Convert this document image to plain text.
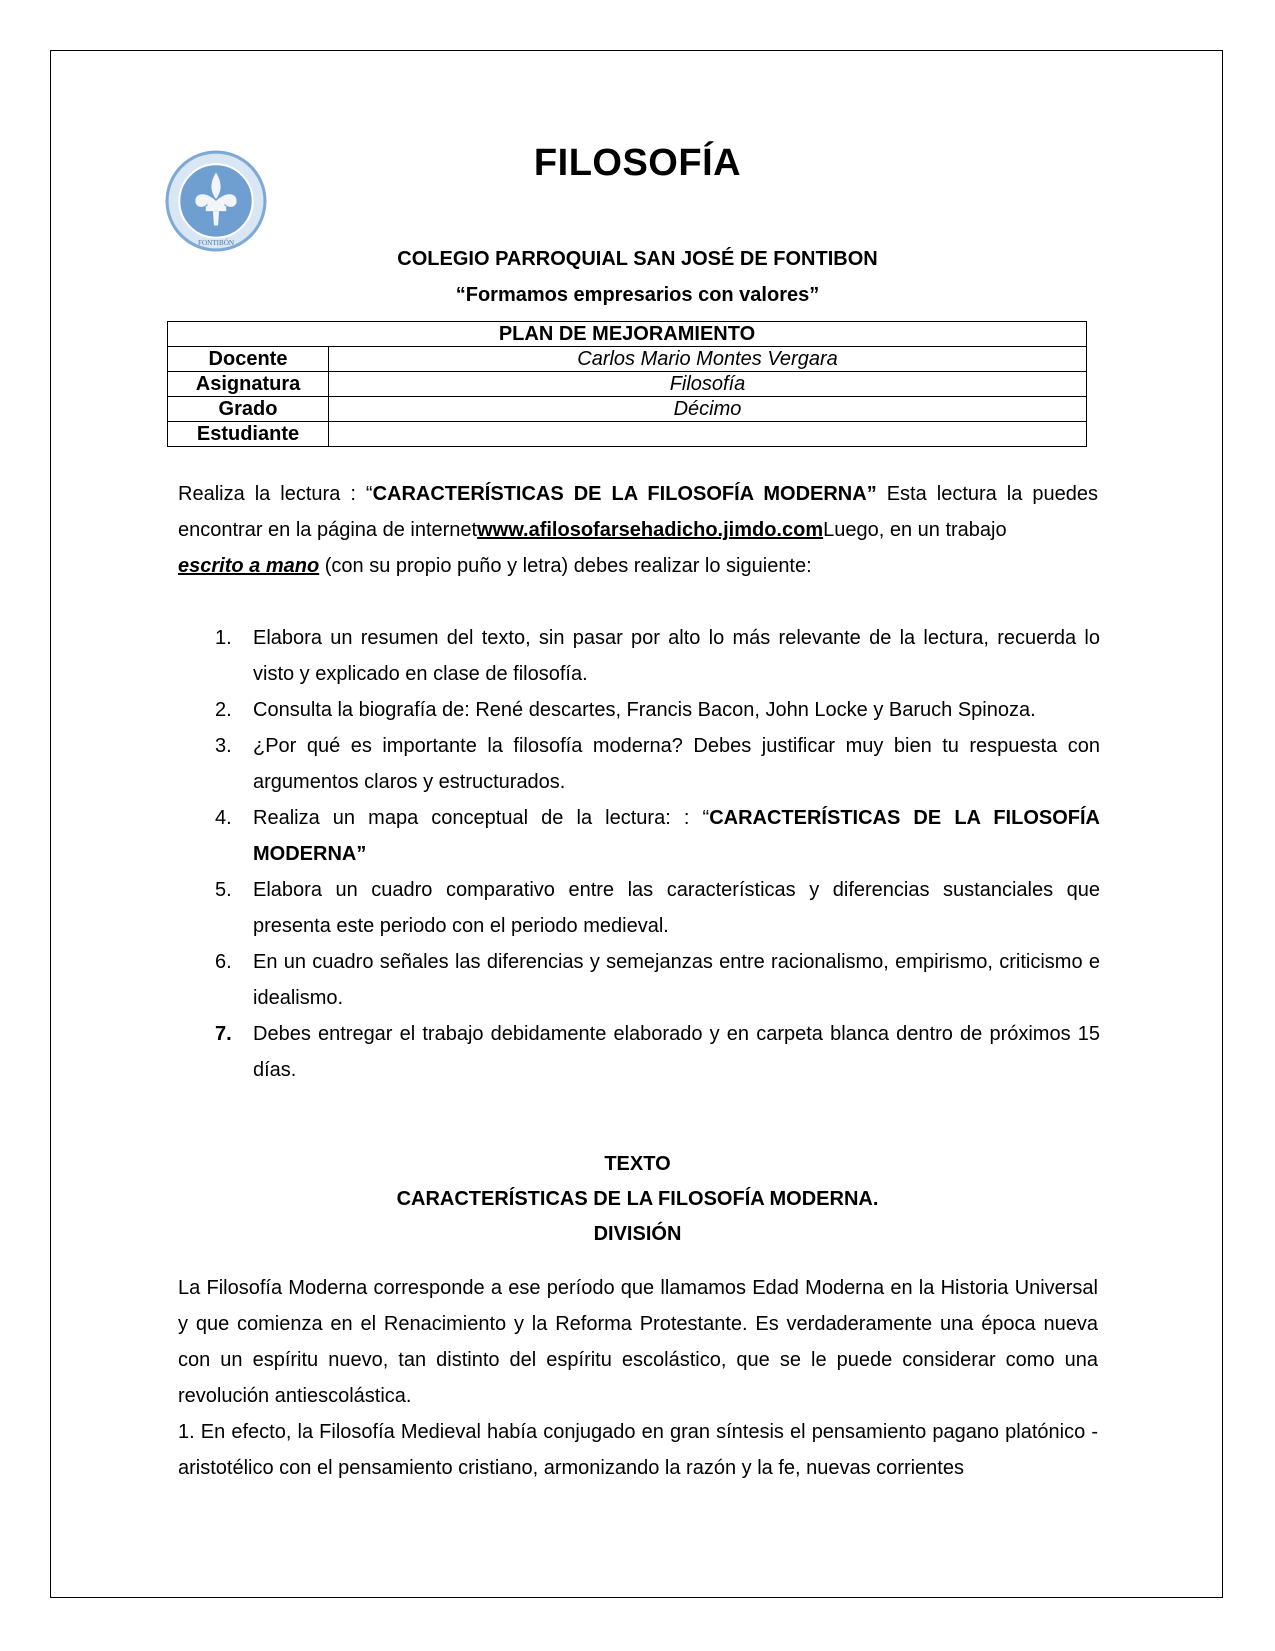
FONTIBÓN
FILOSOFÍA
COLEGIO PARROQUIAL SAN JOSÉ DE FONTIBON
“Formamos empresarios con valores”
PLAN DE MEJORAMIENTO	
Docente	Carlos Mario Montes Vergara
Asignatura	Filosofía
Grado	Décimo
Estudiante	
Realiza la lectura : “CARACTERÍSTICAS DE LA FILOSOFÍA MODERNA” Esta lectura la puedes encontrar en la página de internetwww.afilosofarsehadicho.jimdo.comLuego, en un trabajo
escrito a mano (con su propio puño y letra) debes realizar lo siguiente:
1. Elabora un resumen del texto, sin pasar por alto lo más relevante de la lectura, recuerda lo visto y explicado en clase de filosofía.
2. Consulta la biografía de: René descartes, Francis Bacon, John Locke y Baruch Spinoza.
3. ¿Por qué es importante la filosofía moderna? Debes justificar muy bien tu respuesta con argumentos claros y estructurados.
4. Realiza un mapa conceptual de la lectura: : “CARACTERÍSTICAS DE LA FILOSOFÍA MODERNA”
5. Elabora un cuadro comparativo entre las características y diferencias sustanciales que presenta este periodo con el periodo medieval.
6. En un cuadro señales las diferencias y semejanzas entre racionalismo, empirismo, criticismo e idealismo.
7. Debes entregar el trabajo debidamente elaborado y en carpeta blanca dentro de próximos 15 días.
TEXTO
CARACTERÍSTICAS DE LA FILOSOFÍA MODERNA.
DIVISIÓN
La Filosofía Moderna corresponde a ese período que llamamos Edad Moderna en la Historia Universal y que comienza en el Renacimiento y la Reforma Protestante. Es verdaderamente una época nueva con un espíritu nuevo, tan distinto del espíritu escolástico, que se le puede considerar como una revolución antiescolástica.
1. En efecto, la Filosofía Medieval había conjugado en gran síntesis el pensamiento pagano platónico - aristotélico con el pensamiento cristiano, armonizando la razón y la fe, nuevas corrientes
